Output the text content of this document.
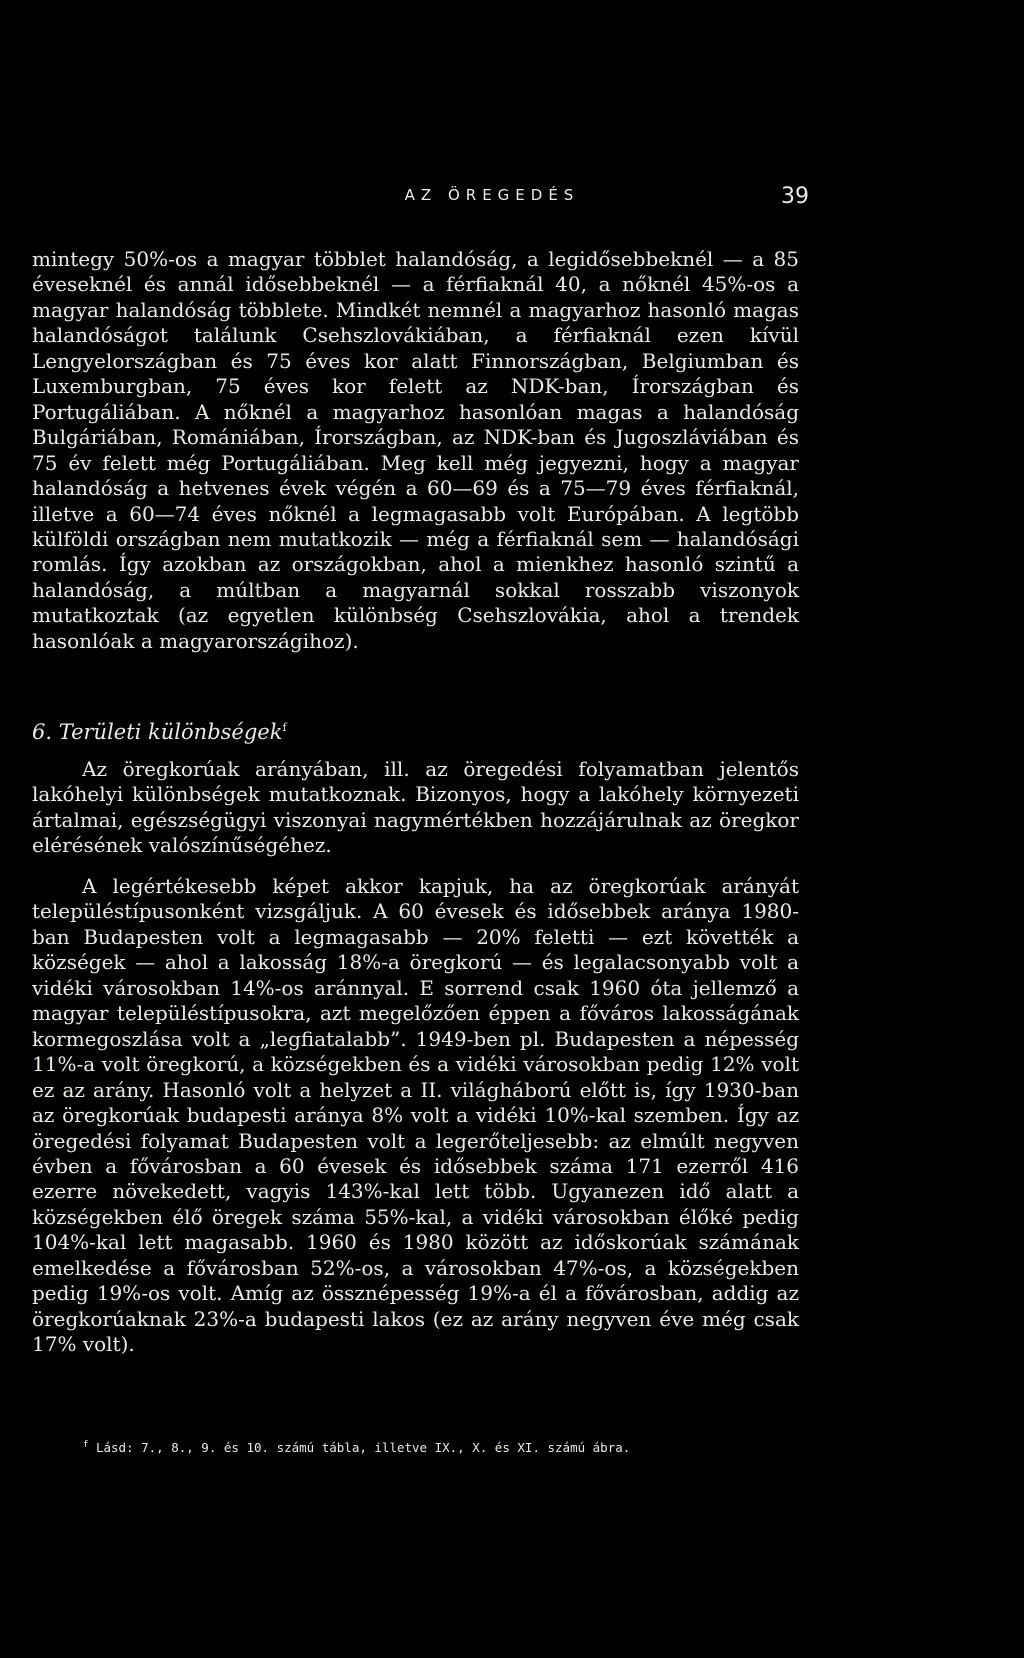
AZ ÖREGEDÉS	39

mintegy 50%-os a magyar többlet halandóság, a legidősebbeknél — a 85 éveseknél és annál idősebbeknél — a férfiaknál 40, a nőknél 45%-os a magyar halandóság többlete. Mindkét nemnél a magyarhoz hasonló magas halandóságot találunk Csehszlovákiában, a férfiaknál ezen kívül Lengyelországban és 75 éves kor alatt Finnországban, Belgiumban és Luxemburgban, 75 éves kor felett az NDK-ban, Írországban és Portugáliában. A nőknél a magyarhoz hasonlóan magas a halandóság Bulgáriában, Romániában, Írországban, az NDK-ban és Jugoszláviában és 75 év felett még Portugáliában. Meg kell még jegyezni, hogy a magyar halandóság a hetvenes évek végén a 60—69 és a 75—79 éves férfiaknál, illetve a 60—74 éves nőknél a legmagasabb volt Európában. A legtöbb külföldi országban nem mutatkozik — még a férfiaknál sem — halandósági romlás. Így azokban az országokban, ahol a mienkhez hasonló szintű a halandóság, a múltban a magyarnál sokkal rosszabb viszonyok mutatkoztak (az egyetlen különbség Csehszlovákia, ahol a trendek hasonlóak a magyarországihoz).

6. Területi különbségek$^f$

Az öregkorúak arányában, ill. az öregedési folyamatban jelentős lakóhelyi különbségek mutatkoznak. Bizonyos, hogy a lakóhely környezeti ártalmai, egészségügyi viszonyai nagymértékben hozzájárulnak az öregkor elérésének valószínűségéhez.

A legértékesebb képet akkor kapjuk, ha az öregkorúak arányát településtípusonként vizsgáljuk. A 60 évesek és idősebbek aránya 1980-ban Budapesten volt a legmagasabb — 20% feletti — ezt követték a községek — ahol a lakosság 18%-a öregkorú — és legalacsonyabb volt a vidéki városokban 14%-os aránnyal. E sorrend csak 1960 óta jellemző a magyar településtípusokra, azt megelőzően éppen a főváros lakosságának kormegoszlása volt a „legfiatalabb”. 1949-ben pl. Budapesten a népesség 11%-a volt öregkorú, a községekben és a vidéki városokban pedig 12% volt ez az arány. Hasonló volt a helyzet a II. világháború előtt is, így 1930-ban az öregkorúak budapesti aránya 8% volt a vidéki 10%-kal szemben. Így az öregedési folyamat Budapesten volt a legerőteljesebb: az elmúlt negyven évben a fővárosban a 60 évesek és idősebbek száma 171 ezerről 416 ezerre növekedett, vagyis 143%-kal lett több. Ugyanezen idő alatt a községekben élő öregek száma 55%-kal, a vidéki városokban élőké pedig 104%-kal lett magasabb. 1960 és 1980 között az időskorúak számának emelkedése a fővárosban 52%-os, a városokban 47%-os, a községekben pedig 19%-os volt. Amíg az össznépesség 19%-a él a fővárosban, addig az öregkorúaknak 23%-a budapesti lakos (ez az arány negyven éve még csak 17% volt).

$^f$ Lásd: 7., 8., 9. és 10. számú tábla, illetve IX., X. és XI. számú ábra.
